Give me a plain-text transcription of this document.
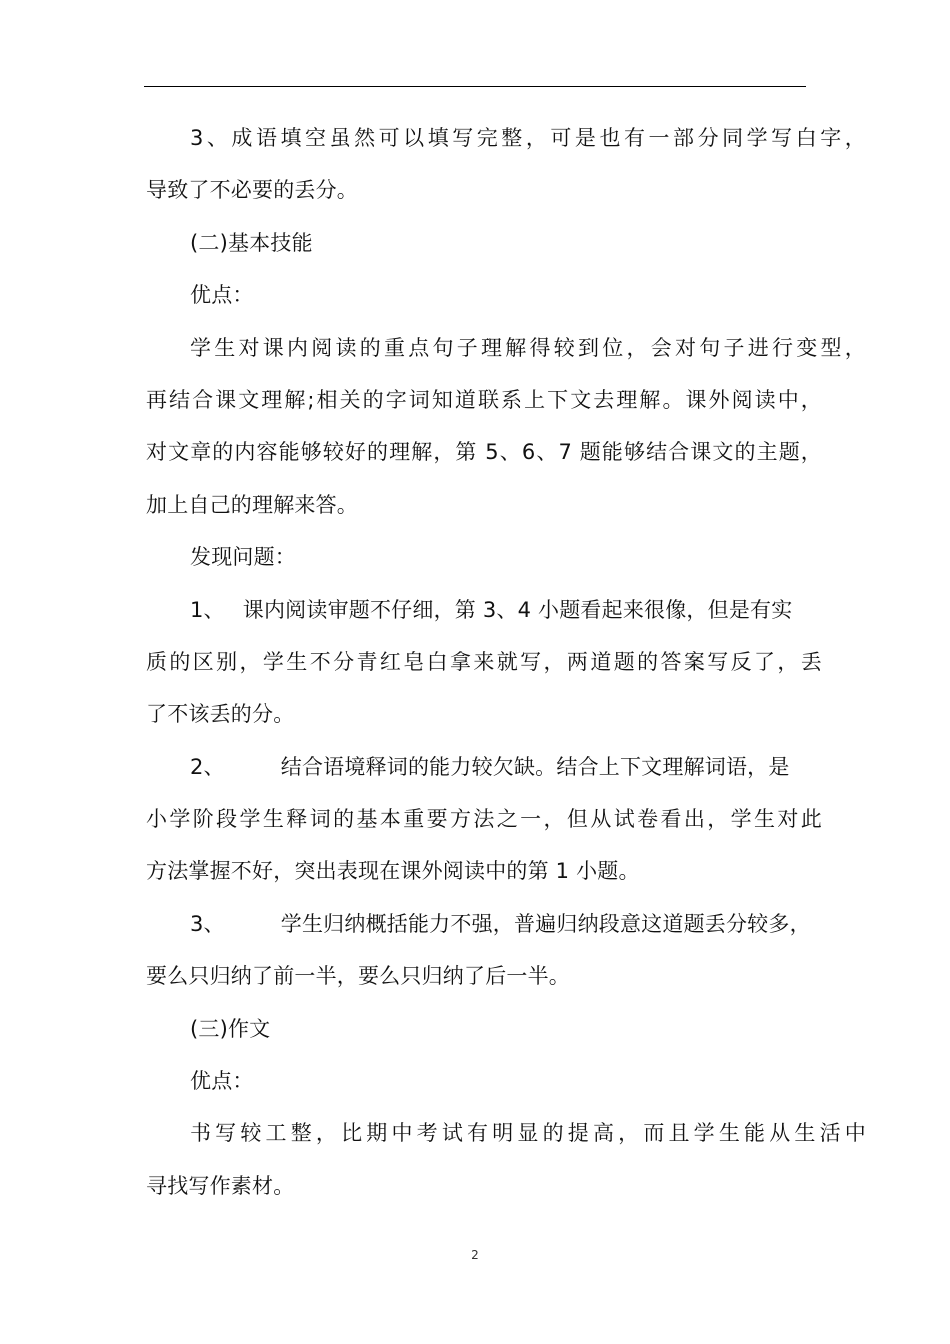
3、成语填空虽然可以填写完整，可是也有一部分同学写白字，
导致了不必要的丢分。
(二)基本技能
优点：
学生对课内阅读的重点句子理解得较到位，会对句子进行变型，
再结合课文理解;相关的字词知道联系上下文去理解。课外阅读中，
对文章的内容能够较好的理解，第 5、6、7 题能够结合课文的主题，
加上自己的理解来答。
发现问题：
1、 课内阅读审题不仔细，第 3、4 小题看起来很像，但是有实
质的区别，学生不分青红皂白拿来就写，两道题的答案写反了，丢
了不该丢的分。
2、	结合语境释词的能力较欠缺。结合上下文理解词语，是
小学阶段学生释词的基本重要方法之一，但从试卷看出，学生对此
方法掌握不好，突出表现在课外阅读中的第 1 小题。
3、	学生归纳概括能力不强，普遍归纳段意这道题丢分较多，
要么只归纳了前一半，要么只归纳了后一半。
(三)作文
优点：
书写较工整，比期中考试有明显的提高，而且学生能从生活中
寻找写作素材。
2
